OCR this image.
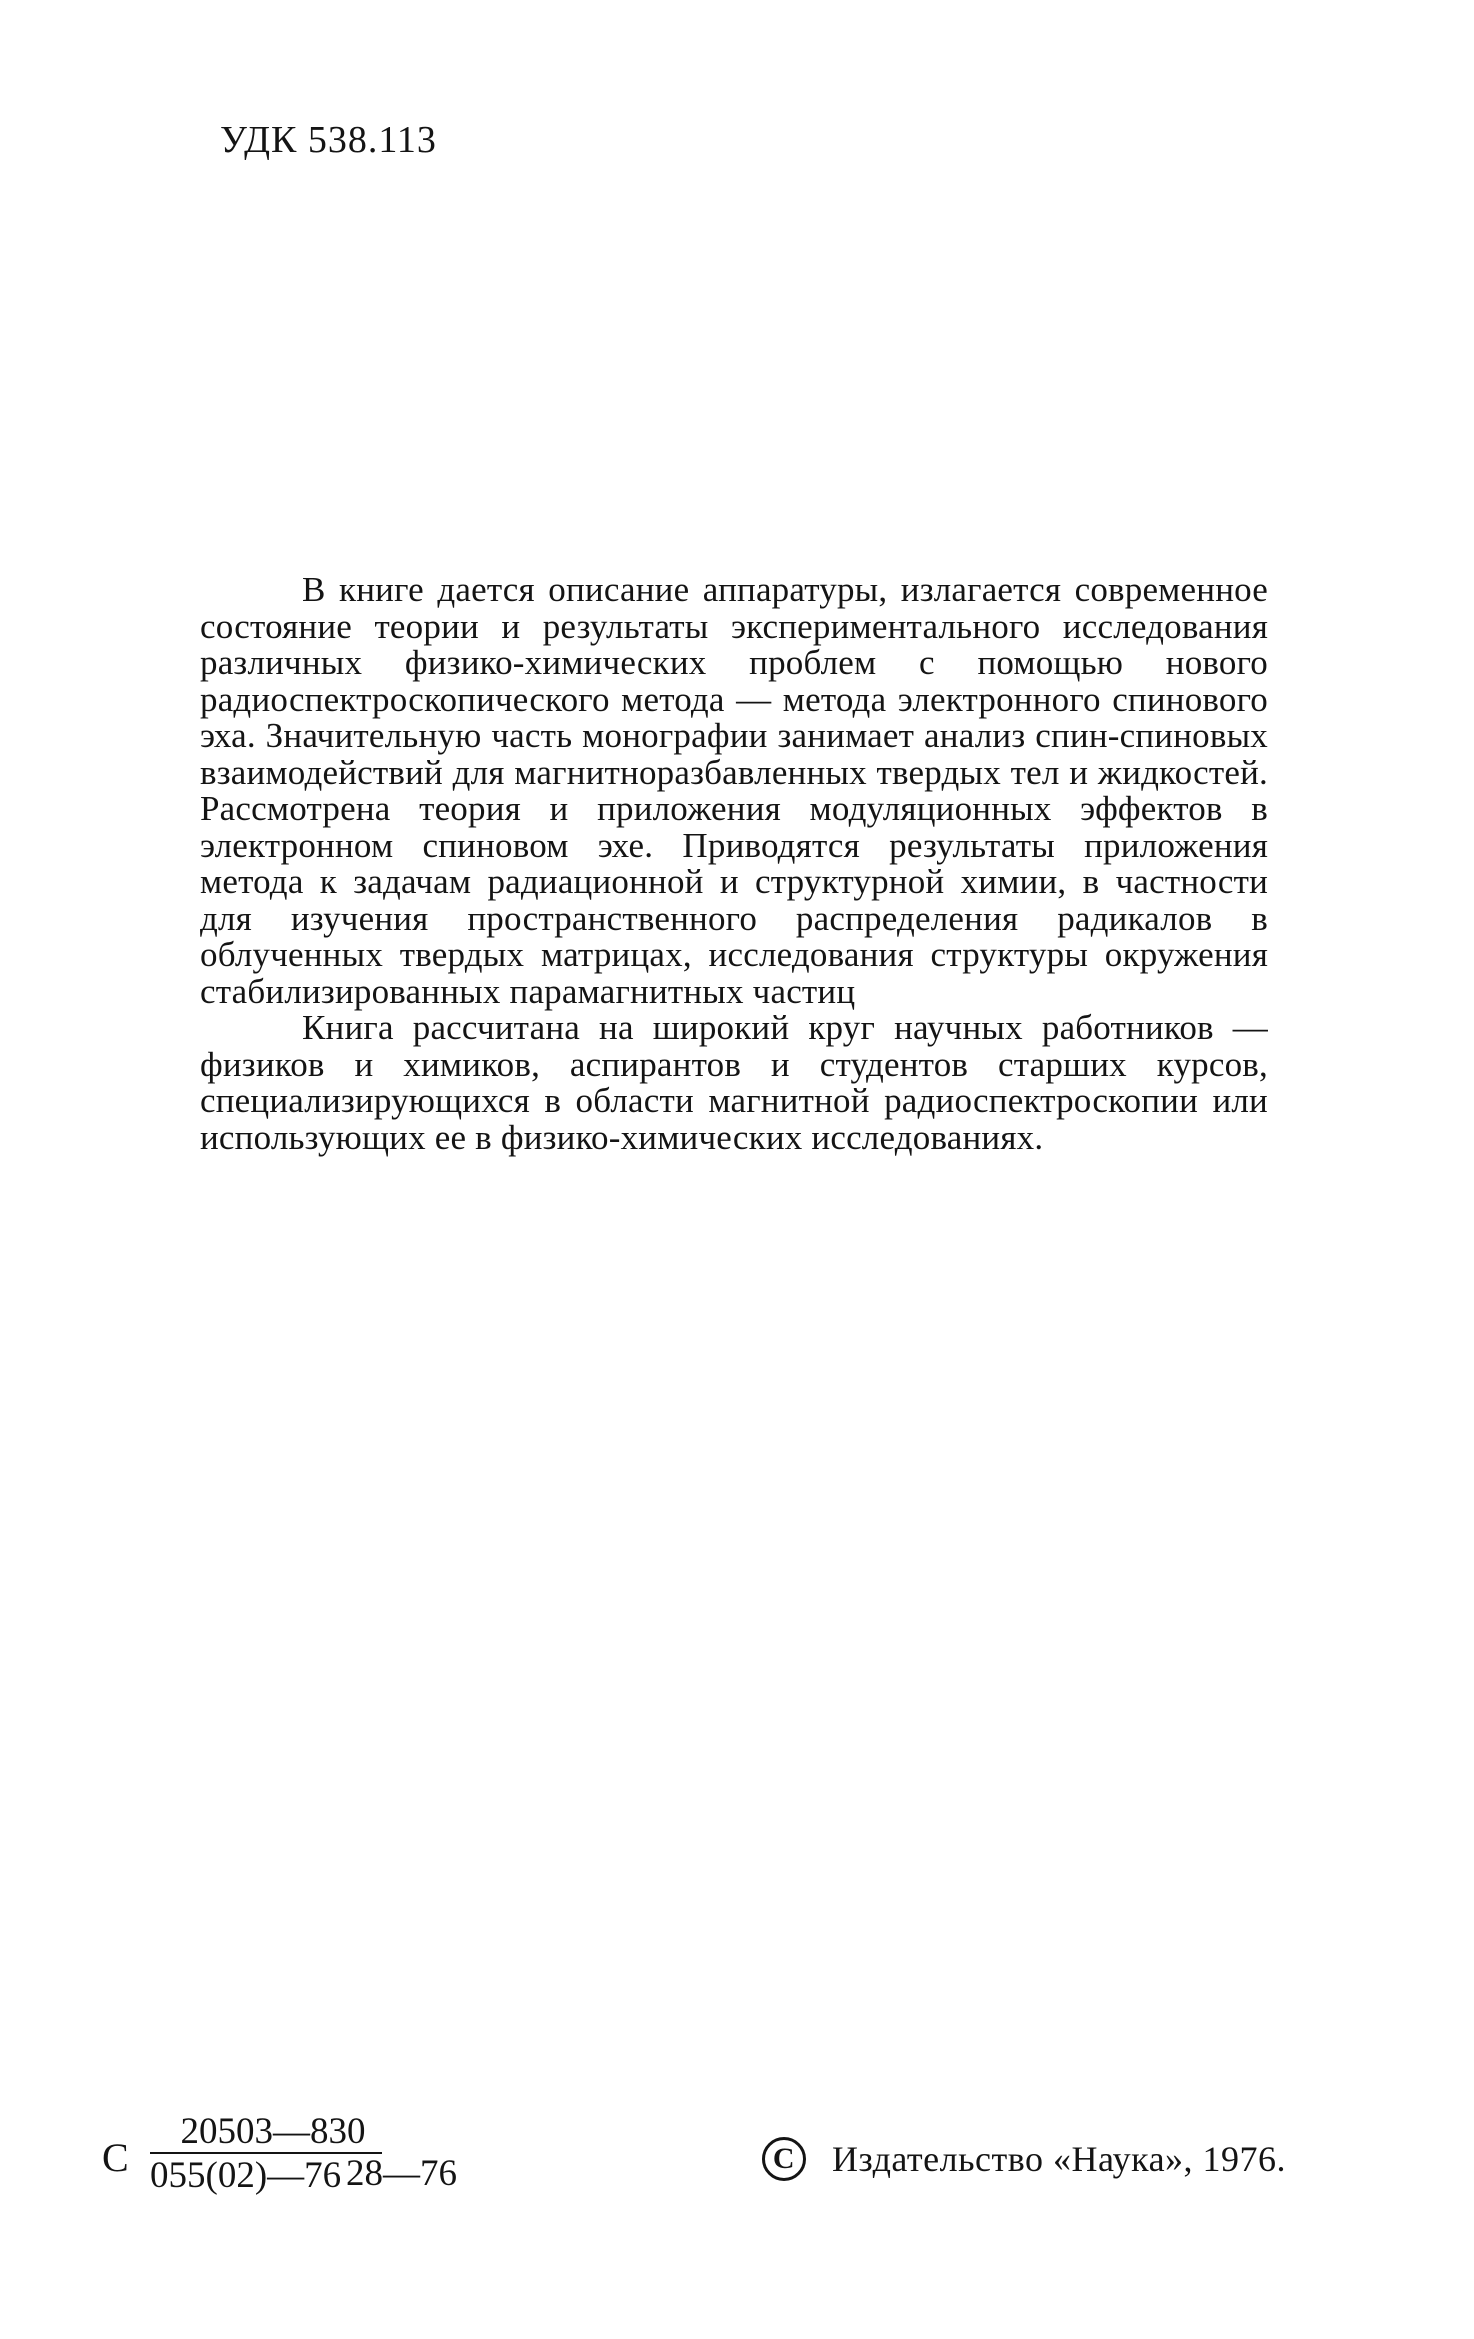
УДК 538.113

В книге дается описание аппаратуры, излагается современное состояние теории и результаты экспериментального исследования различных физико-химических проблем с помощью нового радиоспектроскопического метода — метода электронного спинового эха. Значительную часть монографии занимает анализ спин-спиновых взаимодействий для магнитноразбавленных твердых тел и жидкостей. Рассмотрена теория и приложения модуляционных эффектов в электронном спиновом эхе. Приводятся результаты приложения метода к задачам радиационной и структурной химии, в частности для изучения пространственного распределения радикалов в облученных твердых матрицах, исследования структуры окружения стабилизированных парамагнитных частиц

Книга рассчитана на широкий круг научных работников — физиков и химиков, аспирантов и студентов старших курсов, специализирующихся в области магнитной радиоспектроскопии или использующих ее в физико-химических исследованиях.

С
20503—830
055(02)—76 28—76	C	Издательство «Наука», 1976.
